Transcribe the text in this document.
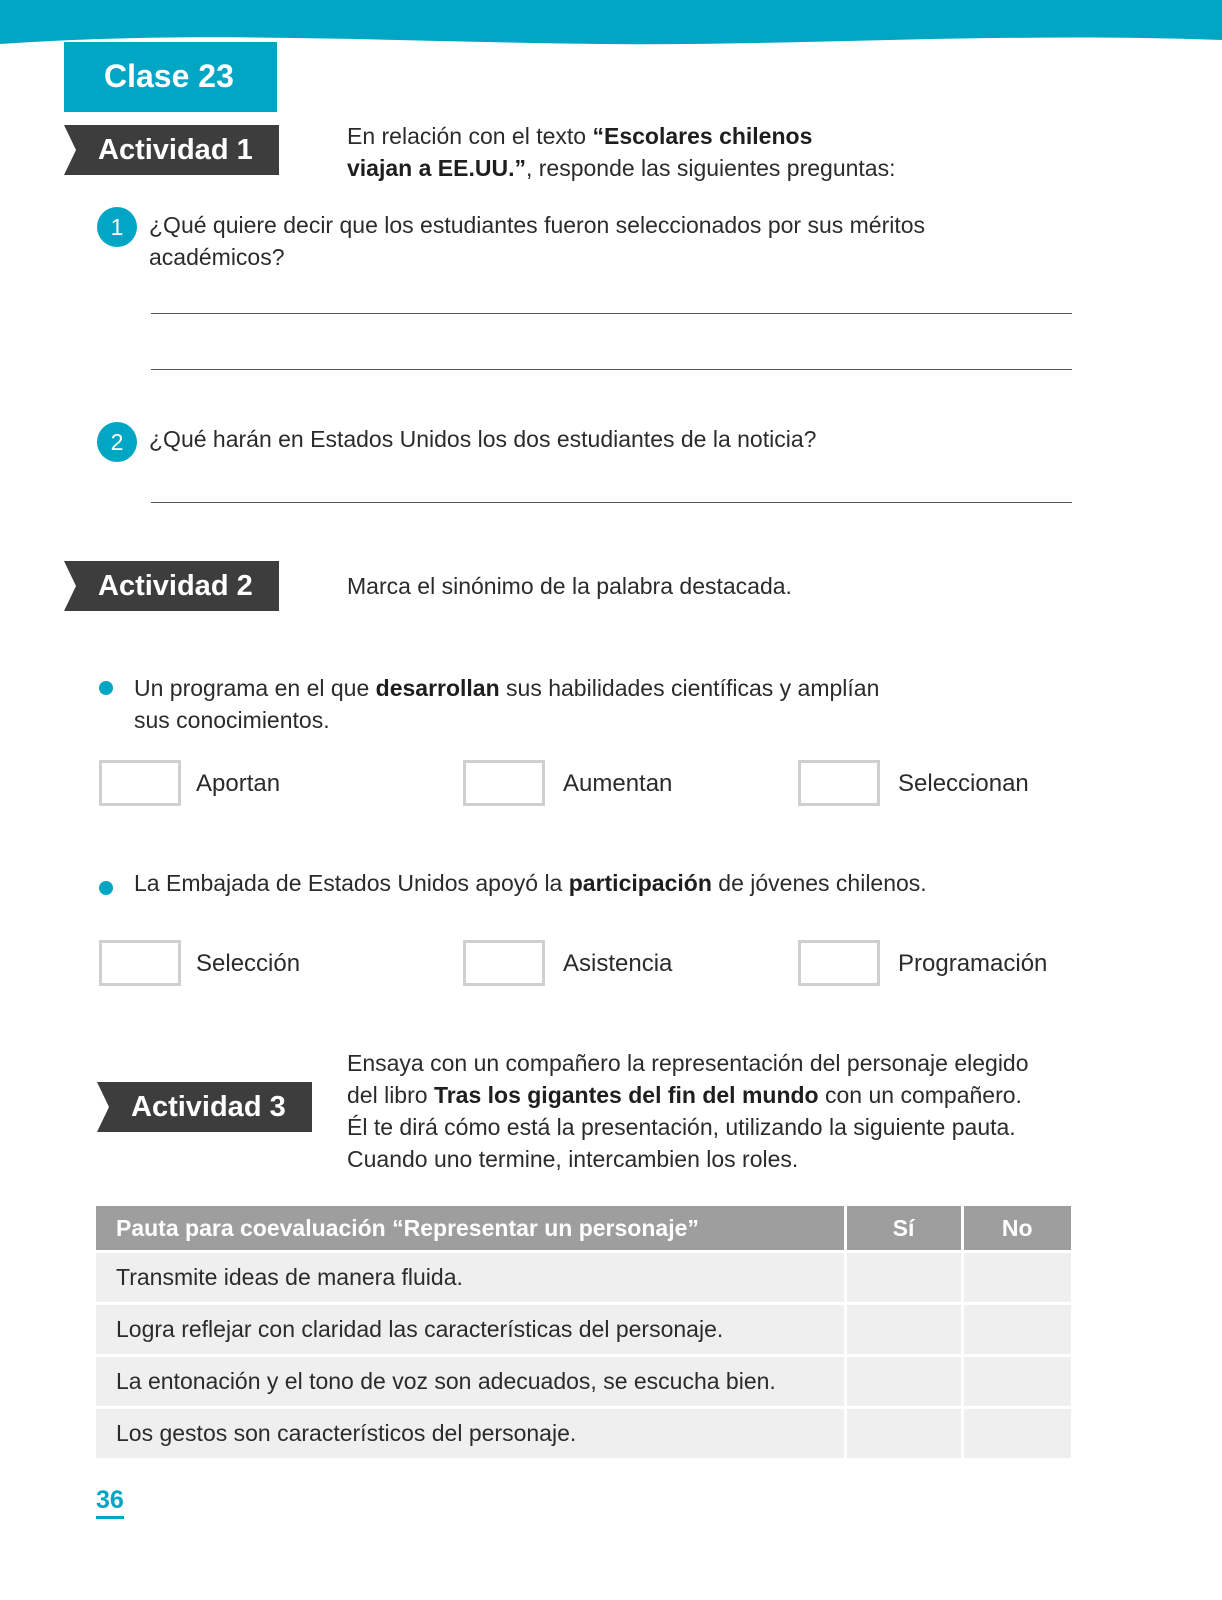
Clase 23
Actividad 1	En relación con el texto “Escolares chilenos
viajan a EE.UU.”, responde las siguientes preguntas:
1	¿Qué quiere decir que los estudiantes fueron seleccionados por sus méritos
académicos?
2	¿Qué harán en Estados Unidos los dos estudiantes de la noticia?
Actividad 2	Marca el sinónimo de la palabra destacada.
Un programa en el que desarrollan sus habilidades científicas y amplían
sus conocimientos.
Aportan	Aumentan	Seleccionan
La Embajada de Estados Unidos apoyó la participación de jóvenes chilenos.
Selección	Asistencia	Programación
Actividad 3
Ensaya con un compañero la representación del personaje elegido
del libro Tras los gigantes del fin del mundo con un compañero.
Él te dirá cómo está la presentación, utilizando la siguiente pauta.
Cuando uno termine, intercambien los roles.
Pauta para coevaluación “Representar un personaje”	Sí	No
Transmite ideas de manera fluida.		
Logra reflejar con claridad las características del personaje.		
La entonación y el tono de voz son adecuados, se escucha bien.		
Los gestos son característicos del personaje.		
36
